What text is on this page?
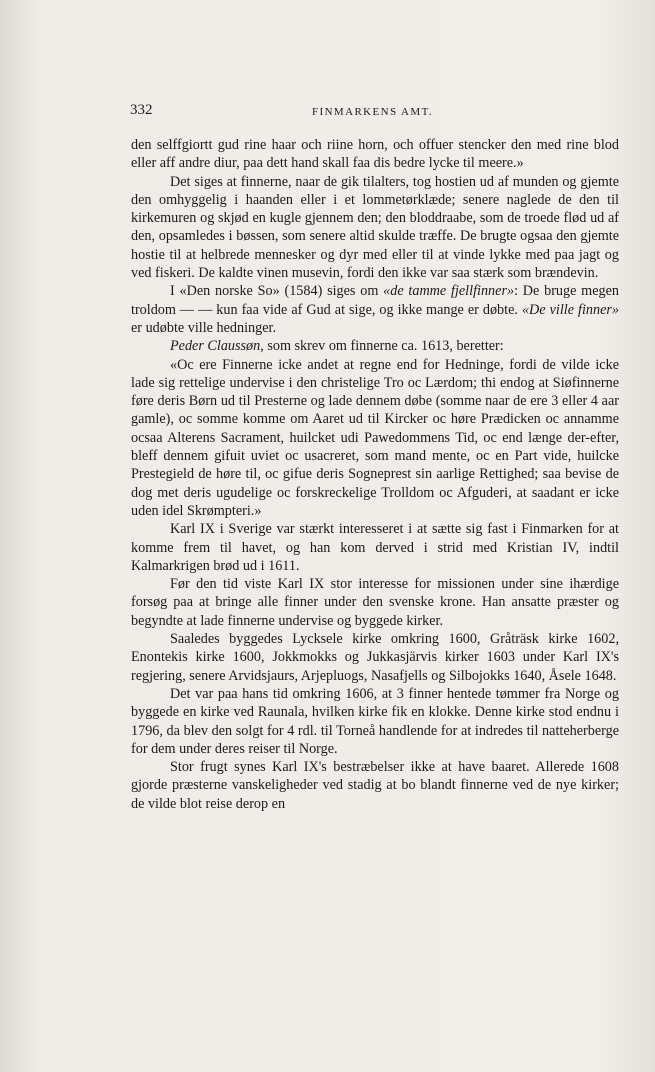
332	FINMARKENS AMT.

den selffgiortt gud rine haar och riine horn, och offuer stencker den med rine blod eller aff andre diur, paa dett hand skall faa dis bedre lycke til meere.»

Det siges at finnerne, naar de gik tilalters, tog hostien ud af munden og gjemte den omhyggelig i haanden eller i et lommetørklæde; senere naglede de den til kirkemuren og skjød en kugle gjennem den; den bloddraabe, som de troede flød ud af den, opsamledes i bøssen, som senere altid skulde træffe. De brugte ogsaa den gjemte hostie til at helbrede mennesker og dyr med eller til at vinde lykke med paa jagt og ved fiskeri. De kaldte vinen musevin, fordi den ikke var saa stærk som brændevin.

I «Den norske So» (1584) siges om «de tamme fjellfinner»: De bruge megen troldom — — kun faa vide af Gud at sige, og ikke mange er døbte. «De ville finner» er udøbte ville hedninger.

Peder Claussøn, som skrev om finnerne ca. 1613, beretter:

«Oc ere Finnerne icke andet at regne end for Hedninge, fordi de vilde icke lade sig rettelige undervise i den christelige Tro oc Lærdom; thi endog at Siøfinnerne føre deris Børn ud til Presterne og lade dennem døbe (somme naar de ere 3 eller 4 aar gamle), oc somme komme om Aaret ud til Kircker oc høre Prædicken oc annamme ocsaa Alterens Sacrament, huilcket udi Pawedommens Tid, oc end længe der-efter, bleff dennem gifuit uviet oc usacreret, som mand mente, oc en Part vide, huilcke Prestegield de høre til, oc gifue deris Sogneprest sin aarlige Rettighed; saa bevise de dog met deris ugudelige oc forskreckelige Trolldom oc Afguderi, at saadant er icke uden idel Skrømpteri.»

Karl IX i Sverige var stærkt interesseret i at sætte sig fast i Finmarken for at komme frem til havet, og han kom derved i strid med Kristian IV, indtil Kalmarkrigen brød ud i 1611.

Før den tid viste Karl IX stor interesse for missionen under sine ihærdige forsøg paa at bringe alle finner under den svenske krone. Han ansatte præster og begyndte at lade finnerne undervise og byggede kirker.

Saaledes byggedes Lycksele kirke omkring 1600, Gråträsk kirke 1602, Enontekis kirke 1600, Jokkmokks og Jukkasjärvis kirker 1603 under Karl IX's regjering, senere Arvidsjaurs, Arjepluogs, Nasafjells og Silbojokks 1640, Åsele 1648.

Det var paa hans tid omkring 1606, at 3 finner hentede tømmer fra Norge og byggede en kirke ved Raunala, hvilken kirke fik en klokke. Denne kirke stod endnu i 1796, da blev den solgt for 4 rdl. til Torneå handlende for at indredes til natteherberge for dem under deres reiser til Norge.

Stor frugt synes Karl IX's bestræbelser ikke at have baaret. Allerede 1608 gjorde præsterne vanskeligheder ved stadig at bo blandt finnerne ved de nye kirker; de vilde blot reise derop en
